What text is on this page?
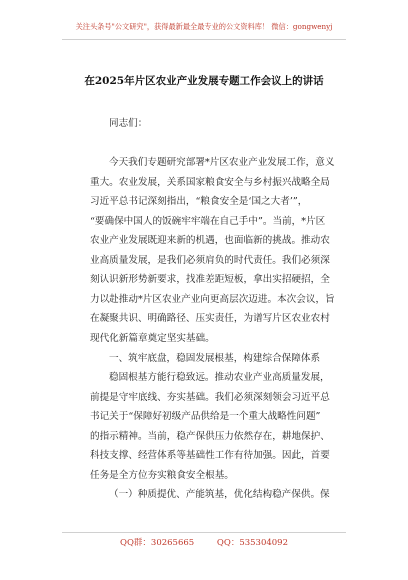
关注头条号"公文研究"，获得最新最全最专业的公文资料库！ 微信：gongwenyj
在2025年片区农业产业发展专题工作会议上的讲话
同志们：
今天我们专题研究部署*片区农业产业发展工作，意义
重大。农业发展，关系国家粮食安全与乡村振兴战略全局
习近平总书记深刻指出，“粮食安全是‘国之大者’”，
“要确保中国人的饭碗牢牢端在自己手中”。当前，*片区
农业产业发展既迎来新的机遇，也面临新的挑战。推动农
业高质量发展，是我们必须肩负的时代责任。我们必须深
刻认识新形势新要求，找准差距短板，拿出实招硬招，全
力以赴推动*片区农业产业向更高层次迈进。本次会议，旨
在凝聚共识、明确路径、压实责任，为谱写片区农业农村
现代化新篇章奠定坚实基础。
一、筑牢底盘，稳固发展根基，构建综合保障体系
稳固根基方能行稳致远。推动农业产业高质量发展，
前提是守牢底线、夯实基础。我们必须深刻领会习近平总
书记关于“保障好初级产品供给是一个重大战略性问题”
的指示精神。当前，稳产保供压力依然存在，耕地保护、
科技支撑、经营体系等基础性工作有待加强。因此，首要
任务是全方位夯实粮食安全根基。
（一）种质提优、产能筑基，优化结构稳产保供。保
QQ群：30265665	QQ：535304092
